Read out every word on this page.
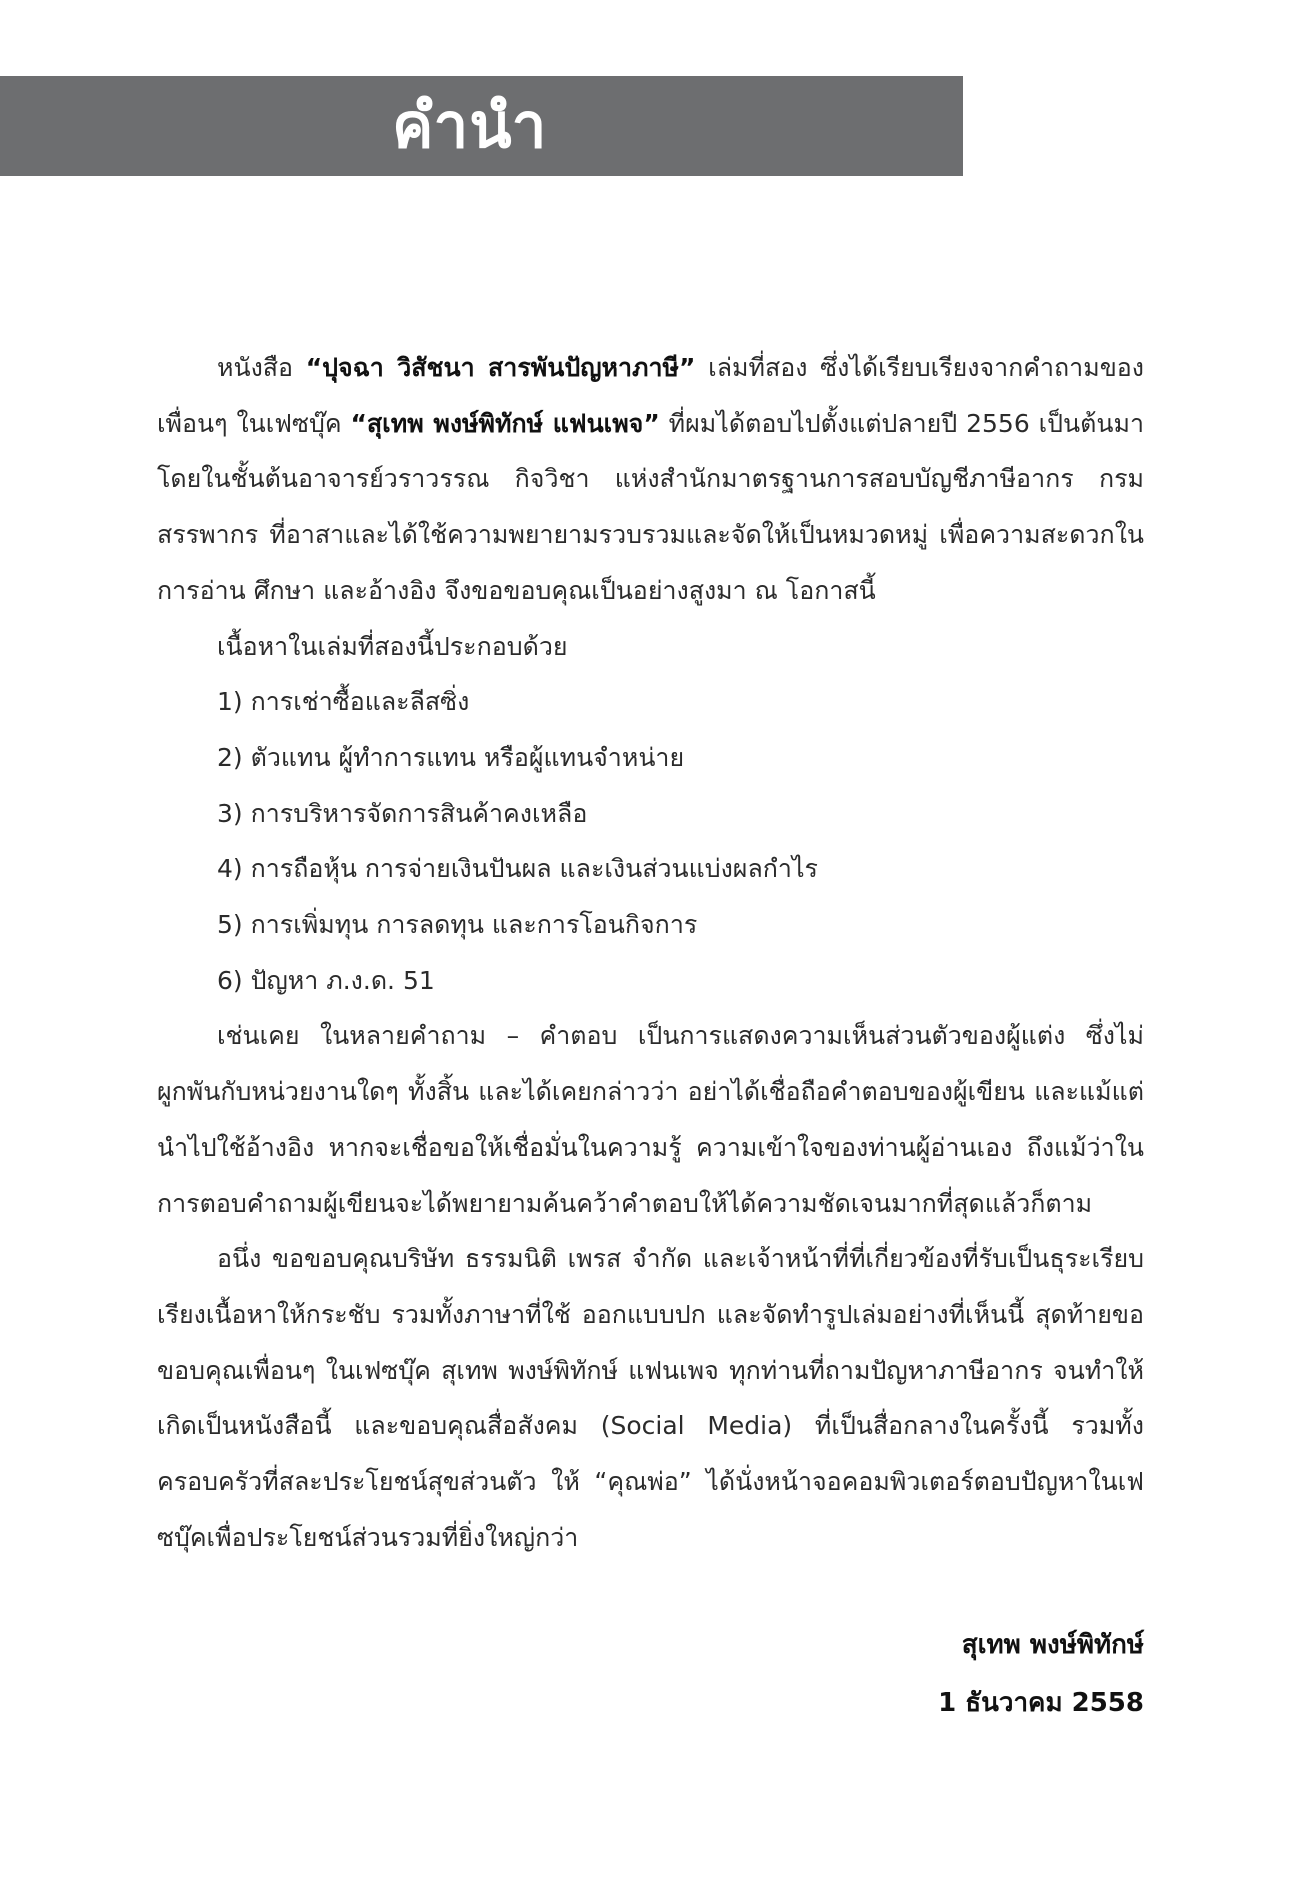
คำนำ

หนังสือ “ปุจฉา วิสัชนา สารพันปัญหาภาษี” เล่มที่สอง ซึ่งได้เรียบเรียงจากคำถามของเพื่อนๆ ในเฟซบุ๊ค “สุเทพ พงษ์พิทักษ์ แฟนเพจ” ที่ผมได้ตอบไปตั้งแต่ปลายปี 2556 เป็นต้นมา โดยในชั้นต้นอาจารย์วราวรรณ กิจวิชา แห่งสำนักมาตรฐานการสอบบัญชีภาษีอากร กรมสรรพากร ที่อาสาและได้ใช้ความพยายามรวบรวมและจัดให้เป็นหมวดหมู่ เพื่อความสะดวกในการอ่าน ศึกษา และอ้างอิง จึงขอขอบคุณเป็นอย่างสูงมา ณ โอกาสนี้

เนื้อหาในเล่มที่สองนี้ประกอบด้วย

1) การเช่าซื้อและลีสซิ่ง

2) ตัวแทน ผู้ทำการแทน หรือผู้แทนจำหน่าย

3) การบริหารจัดการสินค้าคงเหลือ

4) การถือหุ้น การจ่ายเงินปันผล และเงินส่วนแบ่งผลกำไร

5) การเพิ่มทุน การลดทุน และการโอนกิจการ

6) ปัญหา ภ.ง.ด. 51

เช่นเคย ในหลายคำถาม – คำตอบ เป็นการแสดงความเห็นส่วนตัวของผู้แต่ง ซึ่งไม่ผูกพันกับหน่วยงานใดๆ ทั้งสิ้น และได้เคยกล่าวว่า อย่าได้เชื่อถือคำตอบของผู้เขียน และแม้แต่นำไปใช้อ้างอิง หากจะเชื่อขอให้เชื่อมั่นในความรู้ ความเข้าใจของท่านผู้อ่านเอง ถึงแม้ว่าในการตอบคำถามผู้เขียนจะได้พยายามค้นคว้าคำตอบให้ได้ความชัดเจนมากที่สุดแล้วก็ตาม

อนึ่ง ขอขอบคุณบริษัท ธรรมนิติ เพรส จำกัด และเจ้าหน้าที่ที่เกี่ยวข้องที่รับเป็นธุระเรียบเรียงเนื้อหาให้กระชับ รวมทั้งภาษาที่ใช้ ออกแบบปก และจัดทำรูปเล่มอย่างที่เห็นนี้ สุดท้ายขอขอบคุณเพื่อนๆ ในเฟซบุ๊ค สุเทพ พงษ์พิทักษ์ แฟนเพจ ทุกท่านที่ถามปัญหาภาษีอากร จนทำให้เกิดเป็นหนังสือนี้ และขอบคุณสื่อสังคม (Social Media) ที่เป็นสื่อกลางในครั้งนี้ รวมทั้งครอบครัวที่สละประโยชน์สุขส่วนตัว ให้ “คุณพ่อ” ได้นั่งหน้าจอคอมพิวเตอร์ตอบปัญหาในเฟซบุ๊คเพื่อประโยชน์ส่วนรวมที่ยิ่งใหญ่กว่า

สุเทพ พงษ์พิทักษ์

1 ธันวาคม 2558
